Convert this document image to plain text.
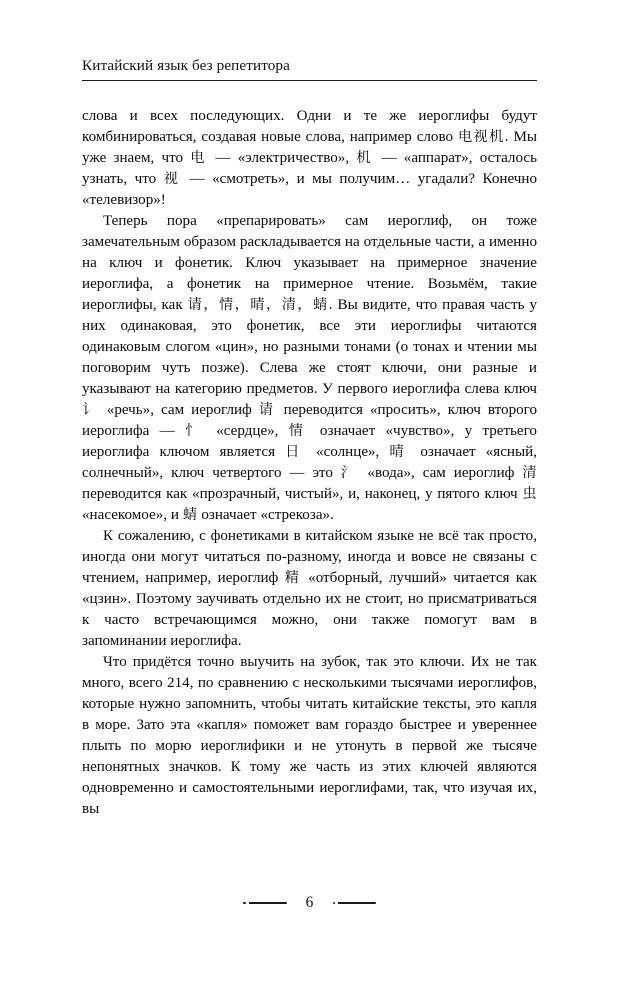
Китайский язык без репетитора

слова и всех последующих. Одни и те же иероглифы будут комбинироваться, создавая новые слова, например слово 电视机. Мы уже знаем, что 电 — «электричество», 机 — «аппарат», осталось узнать, что 视 — «смотреть», и мы получим… угадали? Конечно «телевизор»!

Теперь пора «препарировать» сам иероглиф, он тоже замечательным образом раскладывается на отдельные части, а именно на ключ и фонетик. Ключ указывает на примерное значение иероглифа, а фонетик на примерное чтение. Возьмём, такие иероглифы, как 请，情，晴，清，蜻. Вы видите, что правая часть у них одинаковая, это фонетик, все эти иероглифы читаются одинаковым слогом «цин», но разными тонами (о тонах и чтении мы поговорим чуть позже). Слева же стоят ключи, они разные и указывают на категорию предметов. У первого иероглифа слева ключ 讠 «речь», сам иероглиф 请 переводится «просить», ключ второго иероглифа — 忄 «сердце», 情 означает «чувство», у третьего иероглифа ключом является 日 «солнце», 晴 означает «ясный, солнечный», ключ четвертого — это 氵 «вода», сам иероглиф 清 переводится как «прозрачный, чистый», и, наконец, у пятого ключ 虫 «насекомое», и 蜻 означает «стрекоза».

К сожалению, с фонетиками в китайском языке не всё так просто, иногда они могут читаться по-разному, иногда и вовсе не связаны с чтением, например, иероглиф 精 «отборный, лучший» читается как «цзин». Поэтому заучивать отдельно их не стоит, но присматриваться к часто встречающимся можно, они также помогут вам в запоминании иероглифа.

Что придётся точно выучить на зубок, так это ключи. Их не так много, всего 214, по сравнению с несколькими тысячами иероглифов, которые нужно запомнить, чтобы читать китайские тексты, это капля в море. Зато эта «капля» поможет вам гораздо быстрее и увереннее плыть по морю иероглифики и не утонуть в первой же тысяче непонятных значков. К тому же часть из этих ключей являются одновременно и самостоятельными иероглифами, так, что изучая их, вы

6
